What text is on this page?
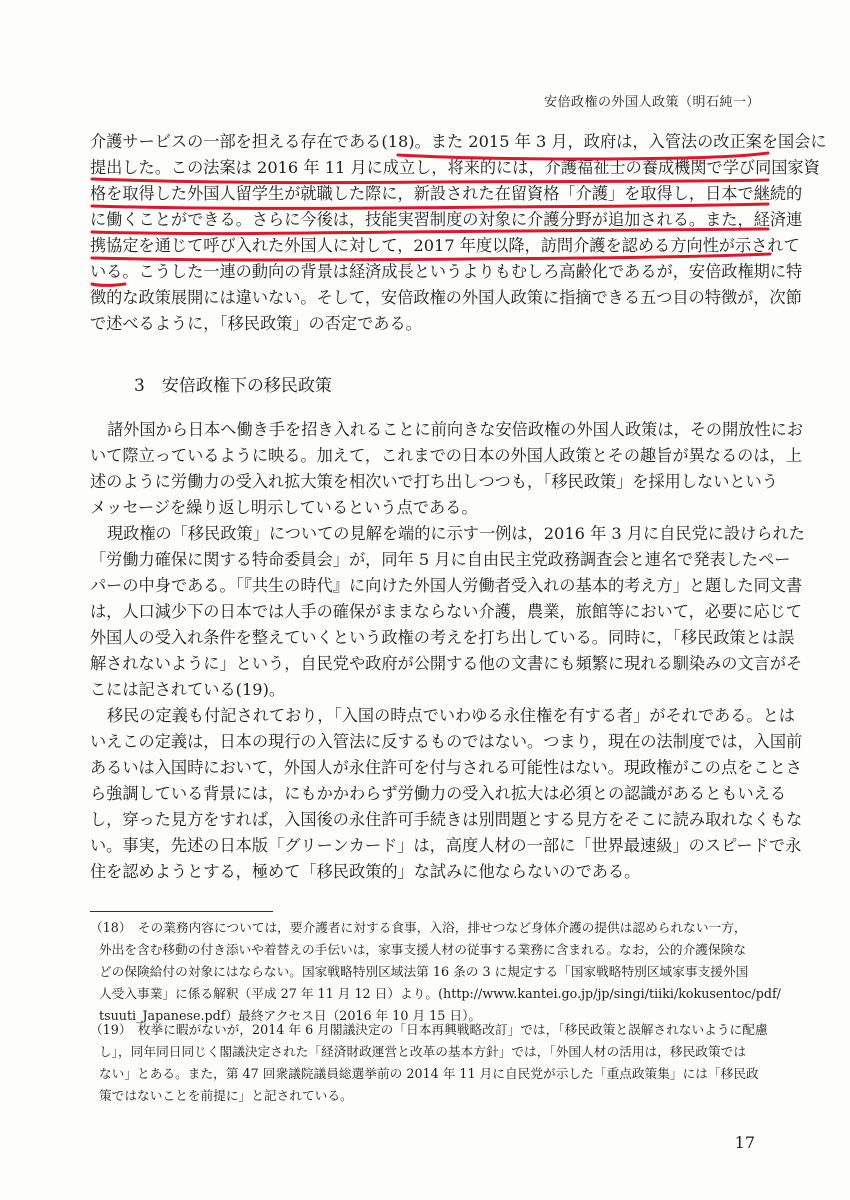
安倍政権の外国人政策（明石純一）
介護サービスの一部を担える存在である(18)。また 2015 年 3 月，政府は，入管法の改正案を国会に
提出した。この法案は 2016 年 11 月に成立し，将来的には，介護福祉士の養成機関で学び同国家資
格を取得した外国人留学生が就職した際に，新設された在留資格「介護」を取得し，日本で継続的
に働くことができる。さらに今後は，技能実習制度の対象に介護分野が追加される。また，経済連
携協定を通じて呼び入れた外国人に対して，2017 年度以降，訪問介護を認める方向性が示されて
いる。こうした一連の動向の背景は経済成長というよりもむしろ高齢化であるが，安倍政権期に特
徴的な政策展開には違いない。そして，安倍政権の外国人政策に指摘できる五つ目の特徴が，次節
で述べるように，「移民政策」の否定である。
3　安倍政権下の移民政策
諸外国から日本へ働き手を招き入れることに前向きな安倍政権の外国人政策は，その開放性にお
いて際立っているように映る。加えて，これまでの日本の外国人政策とその趣旨が異なるのは，上
述のように労働力の受入れ拡大策を相次いで打ち出しつつも，「移民政策」を採用しないという
メッセージを繰り返し明示しているという点である。
現政権の「移民政策」についての見解を端的に示す一例は，2016 年 3 月に自民党に設けられた
「労働力確保に関する特命委員会」が，同年 5 月に自由民主党政務調査会と連名で発表したペー
パーの中身である。「『共生の時代』に向けた外国人労働者受入れの基本的考え方」と題した同文書
は，人口減少下の日本では人手の確保がままならない介護，農業，旅館等において，必要に応じて
外国人の受入れ条件を整えていくという政権の考えを打ち出している。同時に，「移民政策とは誤
解されないように」という，自民党や政府が公開する他の文書にも頻繁に現れる馴染みの文言がそ
こには記されている(19)。
移民の定義も付記されており，「入国の時点でいわゆる永住権を有する者」がそれである。とは
いえこの定義は，日本の現行の入管法に反するものではない。つまり，現在の法制度では，入国前
あるいは入国時において，外国人が永住許可を付与される可能性はない。現政権がこの点をことさ
ら強調している背景には，にもかかわらず労働力の受入れ拡大は必須との認識があるともいえる
し，穿った見方をすれば，入国後の永住許可手続きは別問題とする見方をそこに読み取れなくもな
い。事実，先述の日本版「グリーンカード」は，高度人材の一部に「世界最速級」のスピードで永
住を認めようとする，極めて「移民政策的」な試みに他ならないのである。
（18）　その業務内容については，要介護者に対する食事，入浴，排せつなど身体介護の提供は認められない一方，
外出を含む移動の付き添いや着替えの手伝いは，家事支援人材の従事する業務に含まれる。なお，公的介護保険な
どの保険給付の対象にはならない。国家戦略特別区域法第 16 条の 3 に規定する「国家戦略特別区域家事支援外国
人受入事業」に係る解釈（平成 27 年 11 月 12 日）より。(http://www.kantei.go.jp/jp/singi/tiiki/kokusentoc/pdf/
tsuuti_Japanese.pdf）最終アクセス日（2016 年 10 月 15 日）。
（19）　枚挙に暇がないが，2014 年 6 月閣議決定の「日本再興戦略改訂」では，「移民政策と誤解されないように配慮
し」，同年同日同じく閣議決定された「経済財政運営と改革の基本方針」では，「外国人材の活用は，移民政策では
ない」とある。また，第 47 回衆議院議員総選挙前の 2014 年 11 月に自民党が示した「重点政策集」には「移民政
策ではないことを前提に」と記されている。
17
